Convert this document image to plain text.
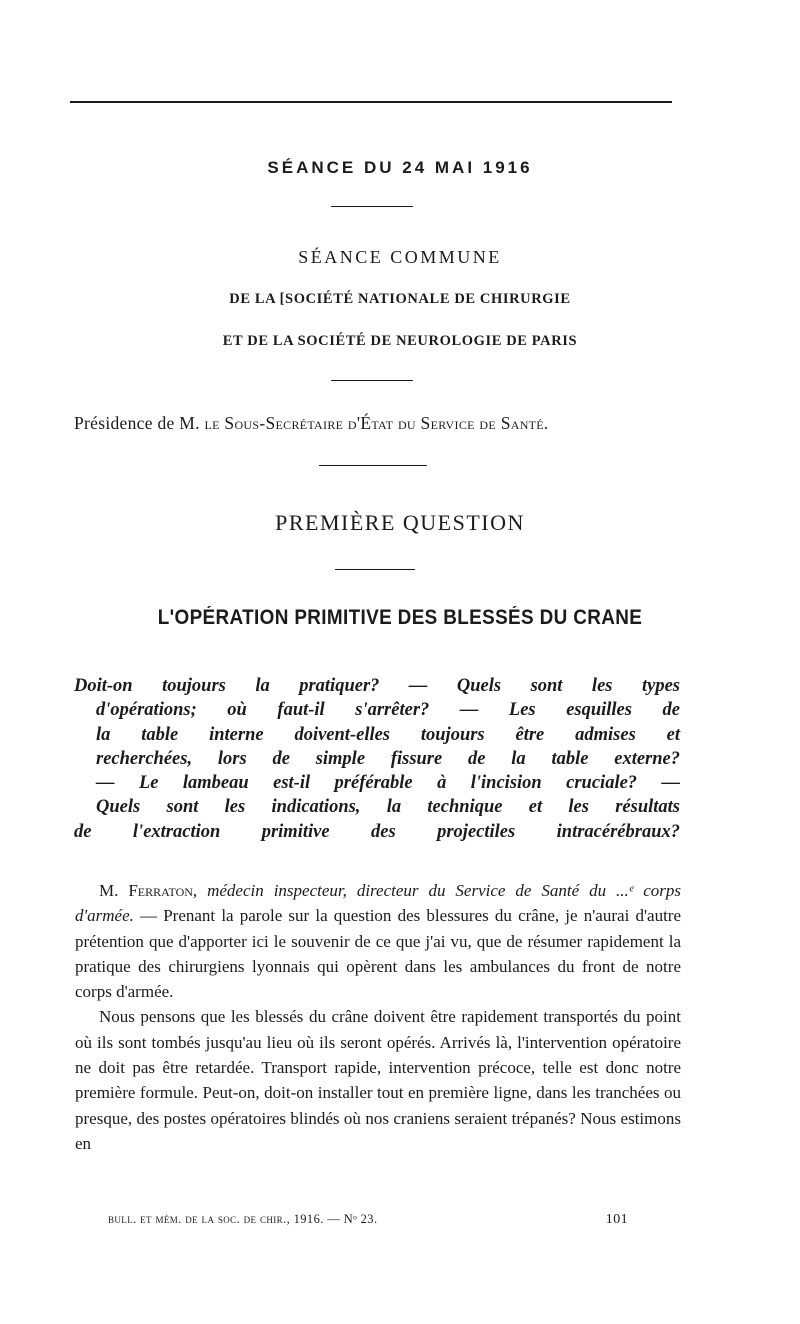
SÉANCE DU 24 MAI 1916
SÉANCE COMMUNE
DE LA [SOCIÉTÉ NATIONALE DE CHIRURGIE
ET DE LA SOCIÉTÉ DE NEUROLOGIE DE PARIS
Présidence de M. le Sous-Secrétaire d'État du Service de Santé.
PREMIÈRE QUESTION
L'OPÉRATION PRIMITIVE DES BLESSÉS DU CRANE

Doit-on toujours la pratiquer? — Quels sont les types
d'opérations; où faut-il s'arrêter? — Les esquilles de
la table interne doivent-elles toujours être admises et
recherchées, lors de simple fissure de la table externe?
— Le lambeau est-il préférable à l'incision cruciale? —
Quels sont les indications, la technique et les résultats
de l'extraction primitive des projectiles intracérébraux?

M. Ferraton, médecin inspecteur, directeur du Service de Santé du ...ᵉ corps d'armée. — Prenant la parole sur la question des blessures du crâne, je n'aurai d'autre prétention que d'apporter ici le souvenir de ce que j'ai vu, que de résumer rapidement la pratique des chirurgiens lyonnais qui opèrent dans les ambulances du front de notre corps d'armée.

Nous pensons que les blessés du crâne doivent être rapidement transportés du point où ils sont tombés jusqu'au lieu où ils seront opérés. Arrivés là, l'intervention opératoire ne doit pas être retardée. Transport rapide, intervention précoce, telle est donc notre première formule. Peut-on, doit-on installer tout en première ligne, dans les tranchées ou presque, des postes opératoires blindés où nos craniens seraient trépanés? Nous estimons en

bull. et mém. de la soc. de chir., 1916. — Nᵒ 23.	101
